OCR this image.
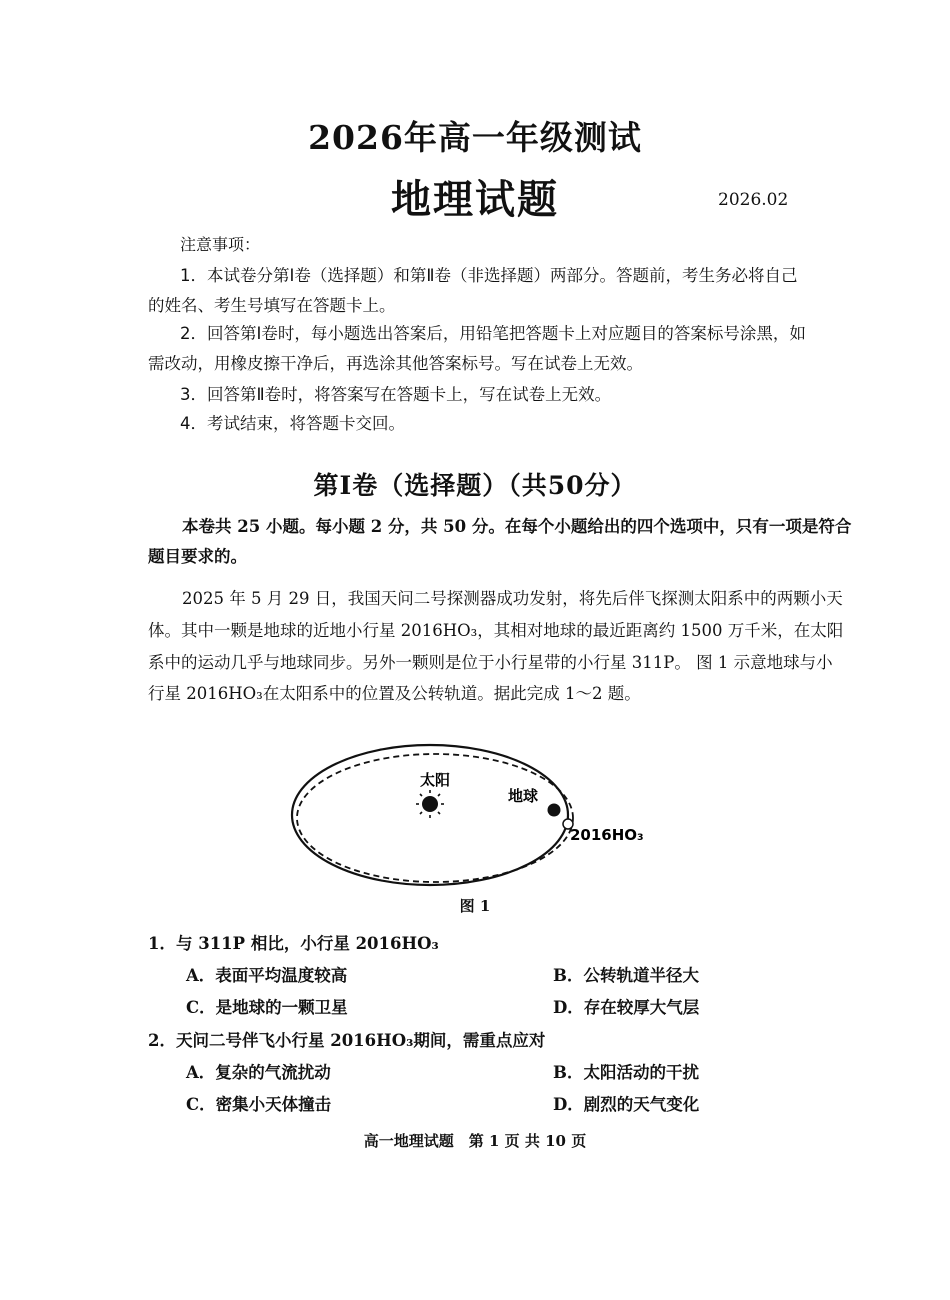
2026年高一年级测试
地理试题	2026.02
注意事项：
1．本试卷分第Ⅰ卷（选择题）和第Ⅱ卷（非选择题）两部分。答题前，考生务必将自己
的姓名、考生号填写在答题卡上。
2．回答第Ⅰ卷时，每小题选出答案后，用铅笔把答题卡上对应题目的答案标号涂黑，如
需改动，用橡皮擦干净后，再选涂其他答案标号。写在试卷上无效。
3．回答第Ⅱ卷时，将答案写在答题卡上，写在试卷上无效。
4．考试结束，将答题卡交回。
第Ⅰ卷（选择题）（共50分）
本卷共 25 小题。每小题 2 分，共 50 分。在每个小题给出的四个选项中，只有一项是符合
题目要求的。
2025 年 5 月 29 日，我国天问二号探测器成功发射，将先后伴飞探测太阳系中的两颗小天
体。其中一颗是地球的近地小行星 2016HO₃，其相对地球的最近距离约 1500 万千米，在太阳
系中的运动几乎与地球同步。另外一颗则是位于小行星带的小行星 311P。 图 1 示意地球与小
行星 2016HO₃在太阳系中的位置及公转轨道。据此完成 1～2 题。
太阳
地球
2016HO₃
图 1
1．与 311P 相比，小行星 2016HO₃
A．表面平均温度较高	B．公转轨道半径大
C．是地球的一颗卫星	D．存在较厚大气层
2．天问二号伴飞小行星 2016HO₃期间，需重点应对
A．复杂的气流扰动	B．太阳活动的干扰
C．密集小天体撞击	D．剧烈的天气变化
高一地理试题　第 1 页 共 10 页
